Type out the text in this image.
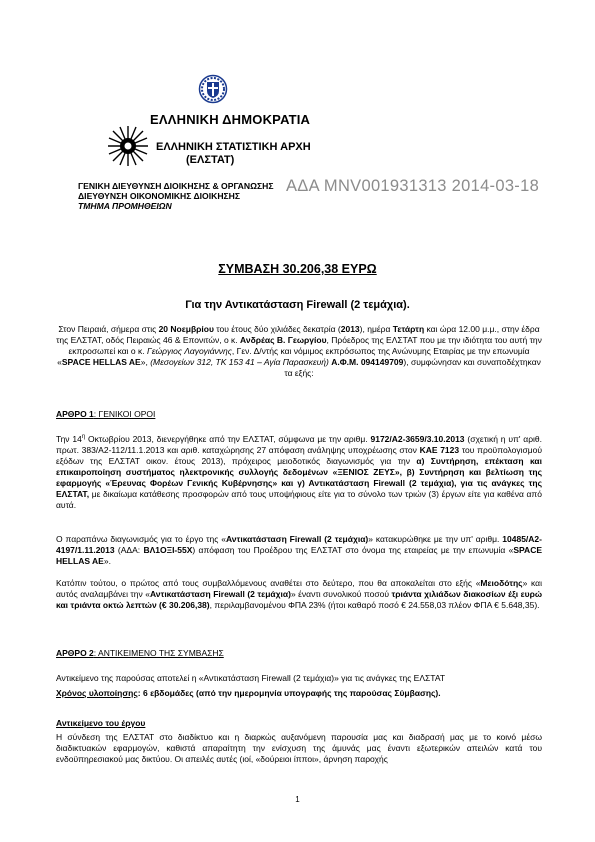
ΕΛΛΗΝΙΚΗ ΔΗΜΟΚΡΑΤΙΑ
ΕΛΛΗΝΙΚΗ ΣΤΑΤΙΣΤΙΚΗ ΑΡΧΗ
(ΕΛΣΤΑΤ)
ΓΕΝΙΚΗ ΔΙΕΥΘΥΝΣΗ ΔΙΟΙΚΗΣΗΣ & ΟΡΓΑΝΩΣΗΣ
ΔΙΕΥΘΥΝΣΗ ΟΙΚΟΝΟΜΙΚΗΣ ΔΙΟΙΚΗΣΗΣ
ΤΜΗΜΑ ΠΡΟΜΗΘΕΙΩΝ
ΑΔΑ ΜΝV001931313 2014-03-18
ΣΥΜΒΑΣΗ 30.206,38 ΕΥΡΩ
Για την Αντικατάσταση Firewall (2 τεμάχια).
Στον Πειραιά, σήμερα στις 20 Νοεμβρίου του έτους δύο χιλιάδες δεκατρία (2013), ημέρα Τετάρτη και ώρα 12.00 μ.μ., στην έδρα της ΕΛΣΤΑΤ, οδός Πειραιώς 46 & Επονιτών, ο κ. Ανδρέας Β. Γεωργίου, Πρόεδρος της ΕΛΣΤΑΤ που με την ιδιότητα του αυτή την εκπροσωπεί και ο κ. Γεώργιος Λαγογιάννης, Γεν. Δ/ντής και νόμιμος εκπρόσωπος της Ανώνυμης Εταιρίας με την επωνυμία «SPACE HELLAS AE», (Μεσογείων 312, ΤΚ 153 41 – Αγία Παρασκευή) Α.Φ.Μ. 094149709), συμφώνησαν και συναποδέχτηκαν τα εξής:
ΑΡΘΡΟ 1: ΓΕΝΙΚΟΙ ΟΡΟΙ
Την $14^\eta$ Οκτωβρίου 2013, διενεργήθηκε από την ΕΛΣΤΑΤ, σύμφωνα με την αριθμ. 9172/Α2-3659/3.10.2013 (σχετική η υπ' αριθ. πρωτ. 383/Α2-112/11.1.2013 και αριθ. καταχώρησης 27 απόφαση ανάληψης υποχρέωσης στον ΚΑΕ 7123 του προϋπολογισμού εξόδων της ΕΛΣΤΑΤ οικον. έτους 2013), πρόχειρος μειοδοτικός διαγωνισμός για την α) Συντήρηση, επέκταση και επικαιροποίηση συστήματος ηλεκτρονικής συλλογής δεδομένων «ΞΕΝΙΟΣ ΖΕΥΣ», β) Συντήρηση και βελτίωση της εφαρμογής «Έρευνας Φορέων Γενικής Κυβέρνησης» και γ) Αντικατάσταση Firewall (2 τεμάχια), για τις ανάγκες της ΕΛΣΤΑΤ, με δικαίωμα κατάθεσης προσφορών από τους υποψήφιους είτε για το σύνολο των τριών (3) έργων είτε για καθένα από αυτά.
Ο παραπάνω διαγωνισμός για το έργο της «Αντικατάσταση Firewall (2 τεμάχια)» κατακυρώθηκε με την υπ' αριθμ. 10485/Α2-4197/1.11.2013 (ΑΔΑ: ΒΛ1ΟΞΙ-55Χ) απόφαση του Προέδρου της ΕΛΣΤΑΤ στο όνομα της εταιρείας με την επωνυμία «SPACE HELLAS AE».
Κατόπιν τούτου, ο πρώτος από τους συμβαλλόμενους αναθέτει στο δεύτερο, που θα αποκαλείται στο εξής «Μειοδότης» και αυτός αναλαμβάνει την «Αντικατάσταση Firewall (2 τεμάχια)» έναντι συνολικού ποσού τριάντα χιλιάδων διακοσίων έξι ευρώ και τριάντα οκτώ λεπτών (€ 30.206,38), περιλαμβανομένου ΦΠΑ 23% (ήτοι καθαρό ποσό € 24.558,03 πλέον ΦΠΑ € 5.648,35).
ΑΡΘΡΟ 2: ΑΝΤΙΚΕΙΜΕΝΟ ΤΗΣ ΣΥΜΒΑΣΗΣ
Αντικείμενο της παρούσας αποτελεί η «Αντικατάσταση Firewall (2 τεμάχια)» για τις ανάγκες της ΕΛΣΤΑΤ
Χρόνος υλοποίησης: 6 εβδομάδες (από την ημερομηνία υπογραφής της παρούσας Σύμβασης).
Αντικείμενο του έργου
Η σύνδεση της ΕΛΣΤΑΤ στο διαδίκτυο και η διαρκώς αυξανόμενη παρουσία μας και διαδρασή μας με το κοινό μέσω διαδικτυακών εφαρμογών, καθιστά απαραίτητη την ενίσχυση της άμυνάς μας έναντι εξωτερικών απειλών κατά του ενδοϋπηρεσιακού μας δικτύου. Οι απειλές αυτές (ιοί, «δούρειοι ίπποι», άρνηση παροχής
1
